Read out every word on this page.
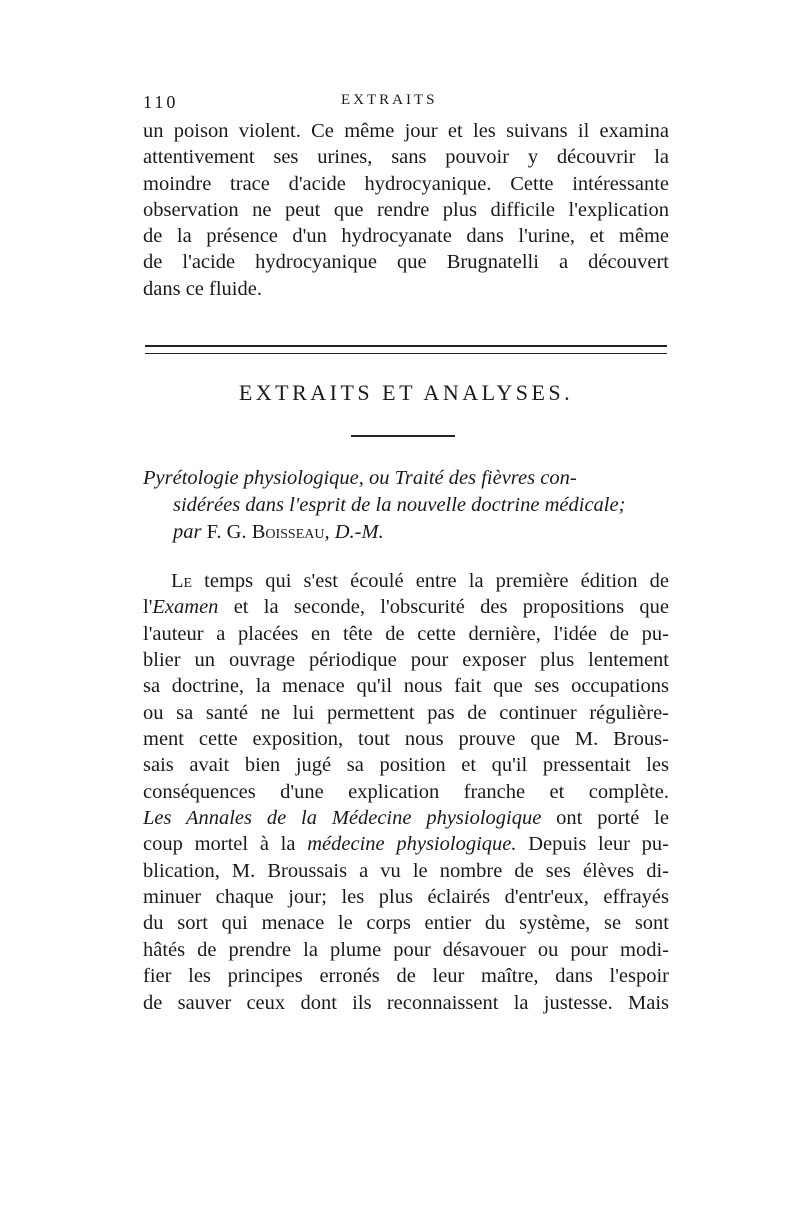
110	EXTRAITS

un poison violent. Ce même jour et les suivans il examina
attentivement ses urines, sans pouvoir y découvrir la
moindre trace d'acide hydrocyanique. Cette intéressante
observation ne peut que rendre plus difficile l'explication
de la présence d'un hydrocyanate dans l'urine, et même
de l'acide hydrocyanique que Brugnatelli a découvert
dans ce fluide.

EXTRAITS ET ANALYSES.

Pyrétologie physiologique, ou Traité des fièvres con-
sidérées dans l'esprit de la nouvelle doctrine médicale;
par F. G. Boisseau, D.-M.

Le temps qui s'est écoulé entre la première édition de
l'Examen et la seconde, l'obscurité des propositions que
l'auteur a placées en tête de cette dernière, l'idée de pu-
blier un ouvrage périodique pour exposer plus lentement
sa doctrine, la menace qu'il nous fait que ses occupations
ou sa santé ne lui permettent pas de continuer régulière-
ment cette exposition, tout nous prouve que M. Brous-
sais avait bien jugé sa position et qu'il pressentait les
conséquences d'une explication franche et complète.
Les Annales de la Médecine physiologique ont porté le
coup mortel à la médecine physiologique. Depuis leur pu-
blication, M. Broussais a vu le nombre de ses élèves di-
minuer chaque jour; les plus éclairés d'entr'eux, effrayés
du sort qui menace le corps entier du système, se sont
hâtés de prendre la plume pour désavouer ou pour modi-
fier les principes erronés de leur maître, dans l'espoir
de sauver ceux dont ils reconnaissent la justesse. Mais
